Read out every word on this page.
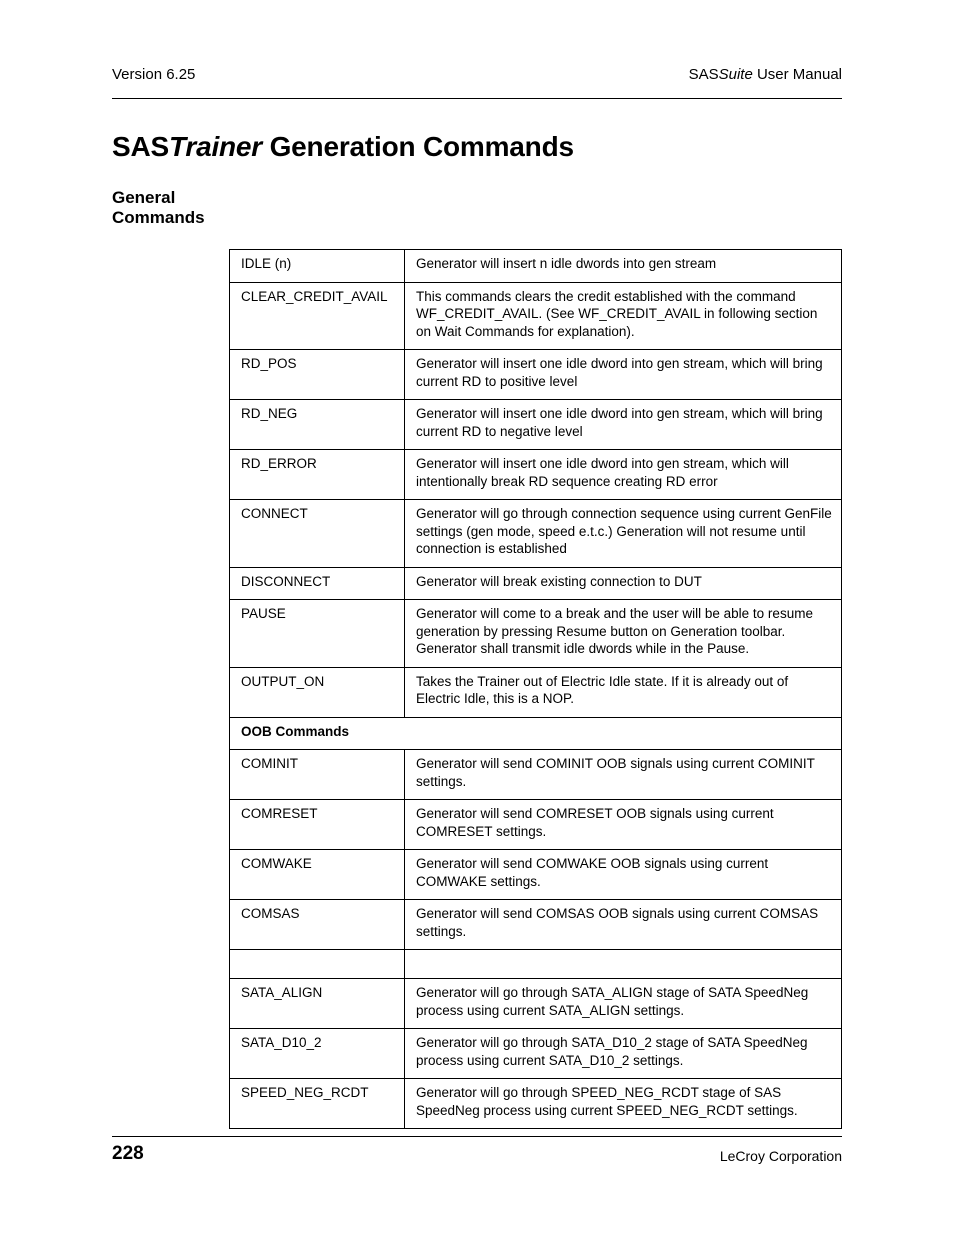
Version 6.25	SASSuite User Manual
SASTrainer Generation Commands
General Commands
IDLE (n)	Generator will insert n idle dwords into gen stream
CLEAR_CREDIT_AVAIL	This commands clears the credit established with the command WF_CREDIT_AVAIL. (See WF_CREDIT_AVAIL in following section on Wait Commands for explanation).
RD_POS	Generator will insert one idle dword into gen stream, which will bring current RD to positive level
RD_NEG	Generator will insert one idle dword into gen stream, which will bring current RD to negative level
RD_ERROR	Generator will insert one idle dword into gen stream, which will intentionally break RD sequence creating RD error
CONNECT	Generator will go through connection sequence using current GenFile settings (gen mode, speed e.t.c.) Generation will not resume until connection is established
DISCONNECT	Generator will break existing connection to DUT
PAUSE	Generator will come to a break and the user will be able to resume generation by pressing Resume button on Generation toolbar. Generator shall transmit idle dwords while in the Pause.
OUTPUT_ON	Takes the Trainer out of Electric Idle state. If it is already out of Electric Idle, this is a NOP.
OOB Commands	
COMINIT	Generator will send COMINIT OOB signals using current COMINIT settings.
COMRESET	Generator will send COMRESET OOB signals using current COMRESET settings.
COMWAKE	Generator will send COMWAKE OOB signals using current COMWAKE settings.
COMSAS	Generator will send COMSAS OOB signals using current COMSAS settings.

SATA_ALIGN	Generator will go through SATA_ALIGN stage of SATA SpeedNeg process using current SATA_ALIGN settings.
SATA_D10_2	Generator will go through SATA_D10_2 stage of SATA SpeedNeg process using current SATA_D10_2 settings.
SPEED_NEG_RCDT	Generator will go through SPEED_NEG_RCDT stage of SAS SpeedNeg process using current SPEED_NEG_RCDT settings.
228	LeCroy Corporation
